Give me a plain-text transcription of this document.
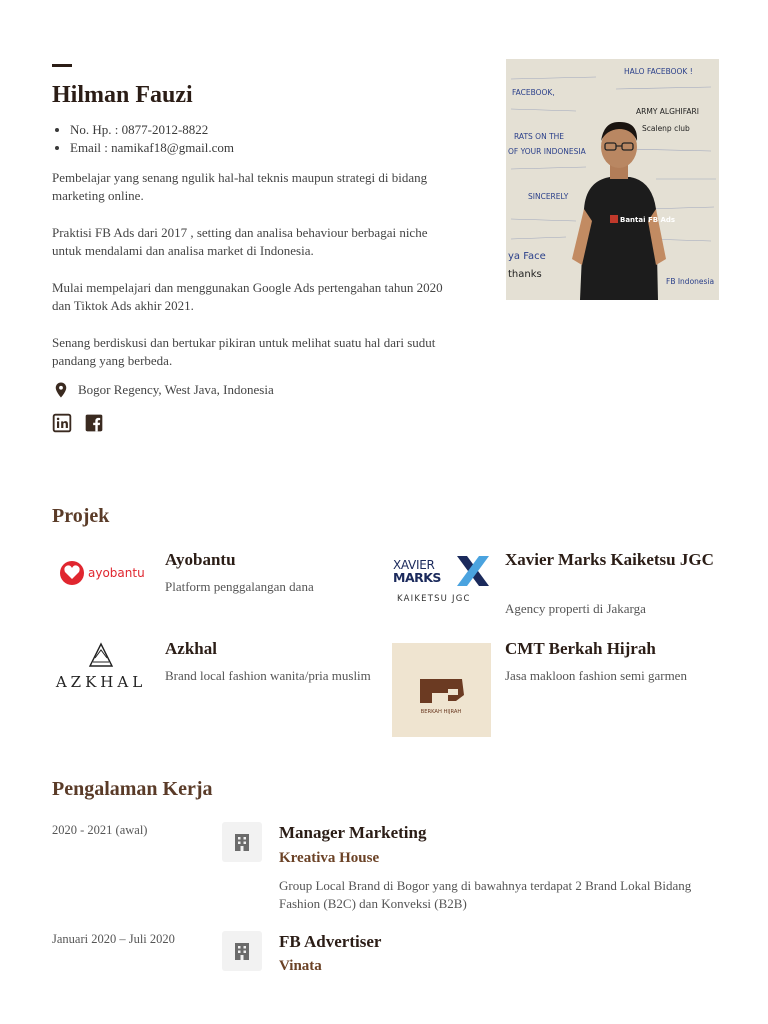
Hilman Fauzi
• No. Hp. : 0877-2012-8822
• Email : namikaf18@gmail.com

Pembelajar yang senang ngulik hal-hal teknis maupun strategi di bidang marketing online.

Praktisi FB Ads dari 2017 , setting dan analisa behaviour berbagai niche untuk mendalami dan analisa market di Indonesia.

Mulai mempelajari dan menggunakan Google Ads pertengahan tahun 2020 dan Tiktok Ads akhir 2021.

Senang berdiskusi dan bertukar pikiran untuk melihat suatu hal dari sudut pandang yang berbeda.

Bogor Regency, West Java, Indonesia
HALO FACEBOOK !
FACEBOOK,
RATS ON THE
OF YOUR INDONESIA
ARMY ALGHIFARI
Scalenp club
SINCERELY
thanks
ya Face
FB Indonesia
Bantai FB Ads
Projek
ayobantu
Ayobantu
Platform penggalangan dana
XAVIER
MARKS
KAIKETSU JGC
Xavier Marks Kaiketsu JGC
Agency properti di Jakarga
AZKHAL
Azkhal
Brand local fashion wanita/pria muslim
BERKAH HIJRAH
CMT Berkah Hijrah
Jasa makloon fashion semi garmen
Pengalaman Kerja
2020 - 2021 (awal)	Manager Marketing
Kreativa House
Group Local Brand di Bogor yang di bawahnya terdapat 2 Brand Lokal Bidang Fashion (B2C) dan Konveksi (B2B)
Januari 2020 – Juli 2020	FB Advertiser
Vinata
